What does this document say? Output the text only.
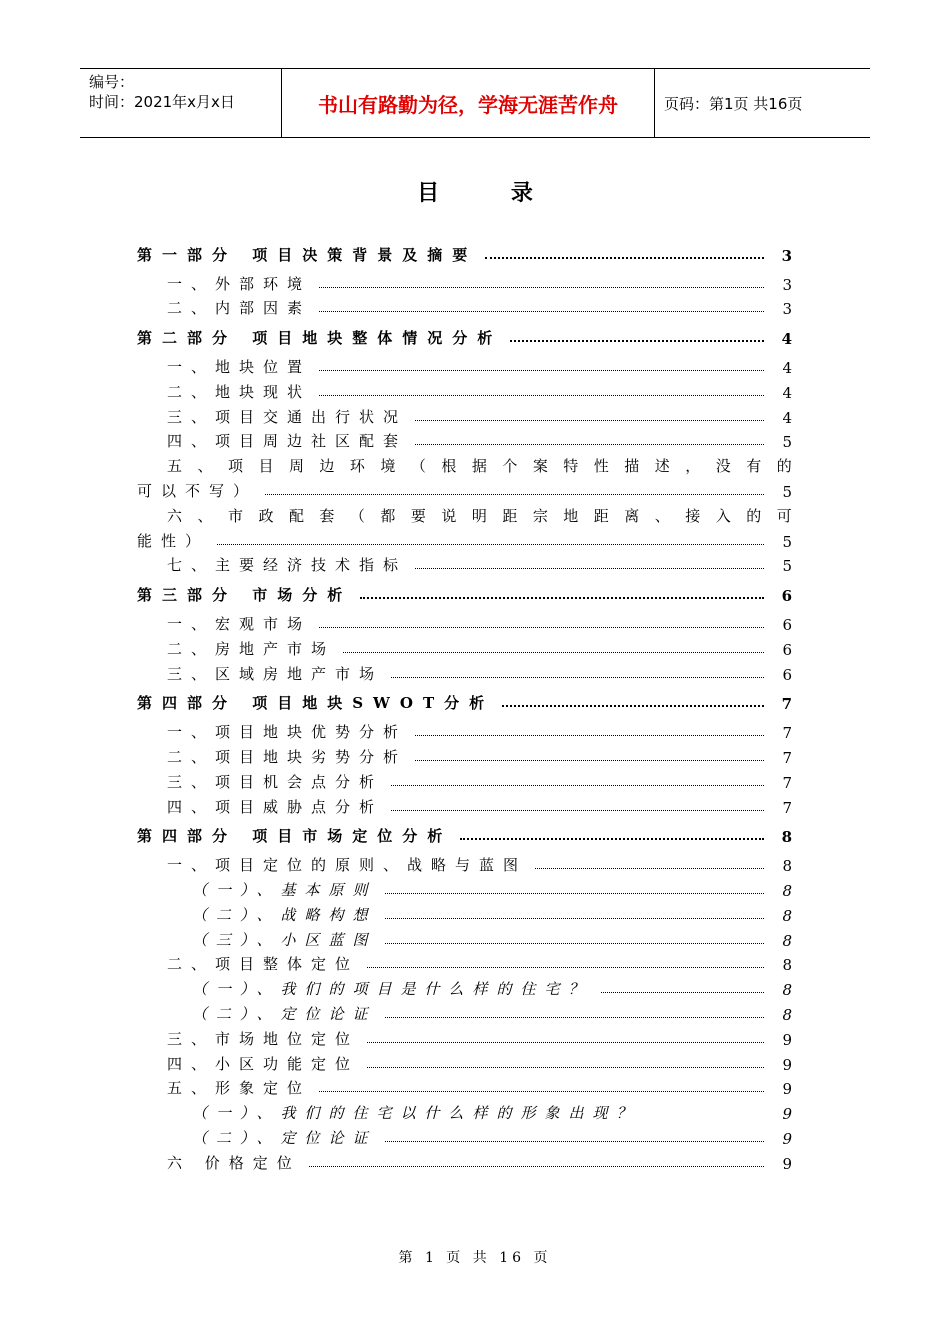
编号：
时间：2021年x月x日	书山有路勤为径，学海无涯苦作舟	页码：第1页 共16页
目 录
第一部分 项目决策背景及摘要	3
一、外部环境	3
二、内部因素	3
第二部分 项目地块整体情况分析	4
一、地块位置	4
二、地块现状	4
三、项目交通出行状况	4
四、项目周边社区配套	5
五 、 项 目 周 边 环 境 （ 根 据 个 案 特 性 描 述 ， 没 有 的
可以不写）	5
六 、 市 政 配 套 （ 都 要 说 明 距 宗 地 距 离 、 接 入 的 可
能性）	5
七、主要经济技术指标	5
第三部分 市场分析	6
一、宏观市场	6
二、房地产市场	6
三、区域房地产市场	6
第四部分 项目地块SWOT分析	7
一、项目地块优势分析	7
二、项目地块劣势分析	7
三、项目机会点分析	7
四、项目威胁点分析	7
第四部分 项目市场定位分析	8
一、项目定位的原则、战略与蓝图	8
（一）、基本原则	8
（二）、战略构想	8
（三）、小区蓝图	8
二、项目整体定位	8
（一）、我们的项目是什么样的住宅？	8
（二）、定位论证	8
三、市场地位定位	9
四、小区功能定位	9
五、形象定位	9
（一）、我们的住宅以什么样的形象出现？	9
（二）、定位论证	9
六 价格定位	9
第 1 页 共 16 页
